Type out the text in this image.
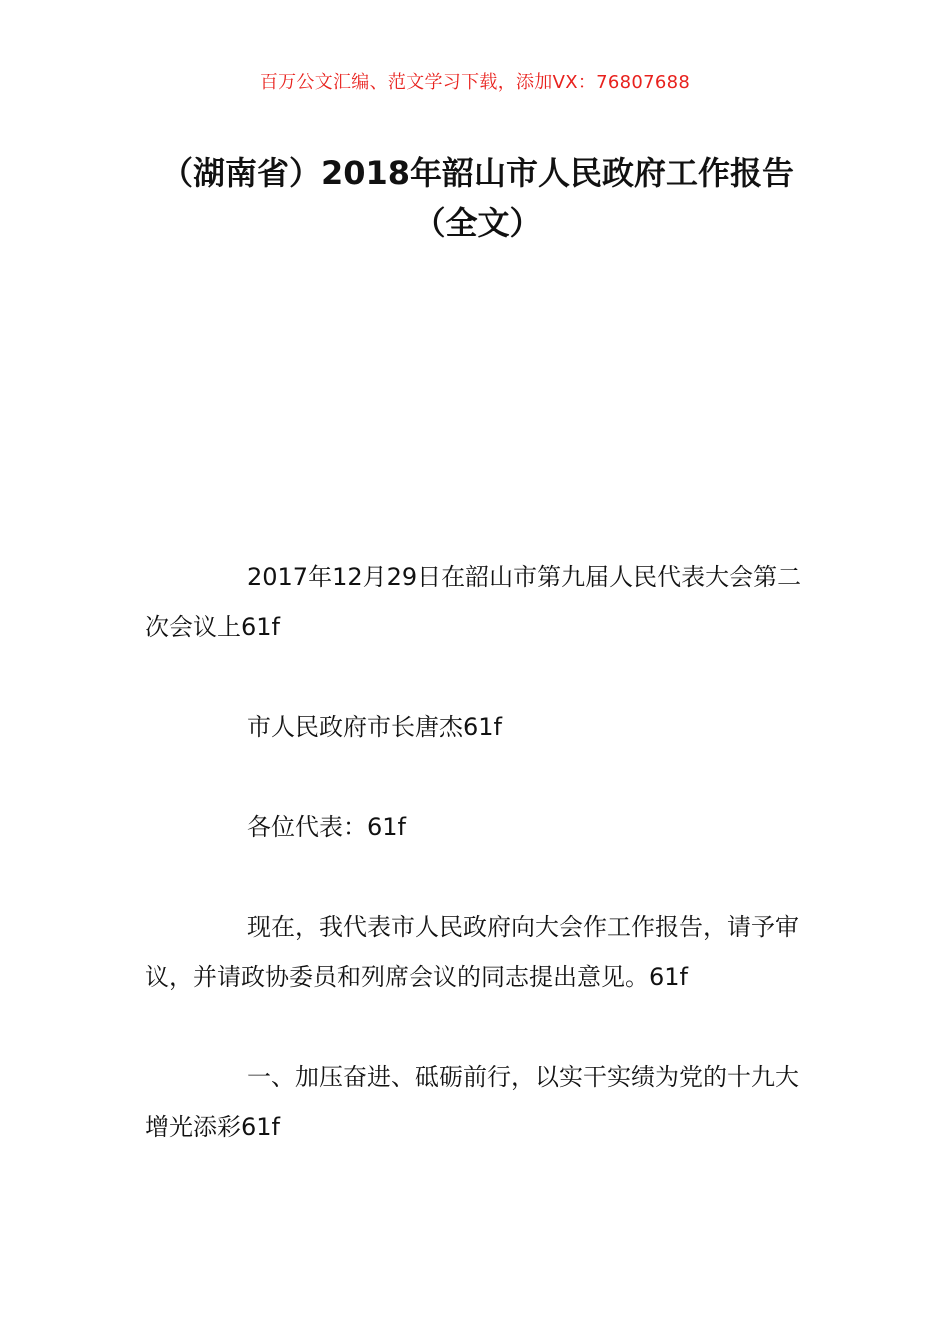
百万公文汇编、范文学习下载，添加VX：76807688
（湖南省）2018年韶山市人民政府工作报告（全文）

2017年12月29日在韶山市第九届人民代表大会第二次会议上61f

市人民政府市长唐杰61f

各位代表：61f

现在，我代表市人民政府向大会作工作报告，请予审议，并请政协委员和列席会议的同志提出意见。61f

一、加压奋进、砥砺前行，以实干实绩为党的十九大增光添彩61f
